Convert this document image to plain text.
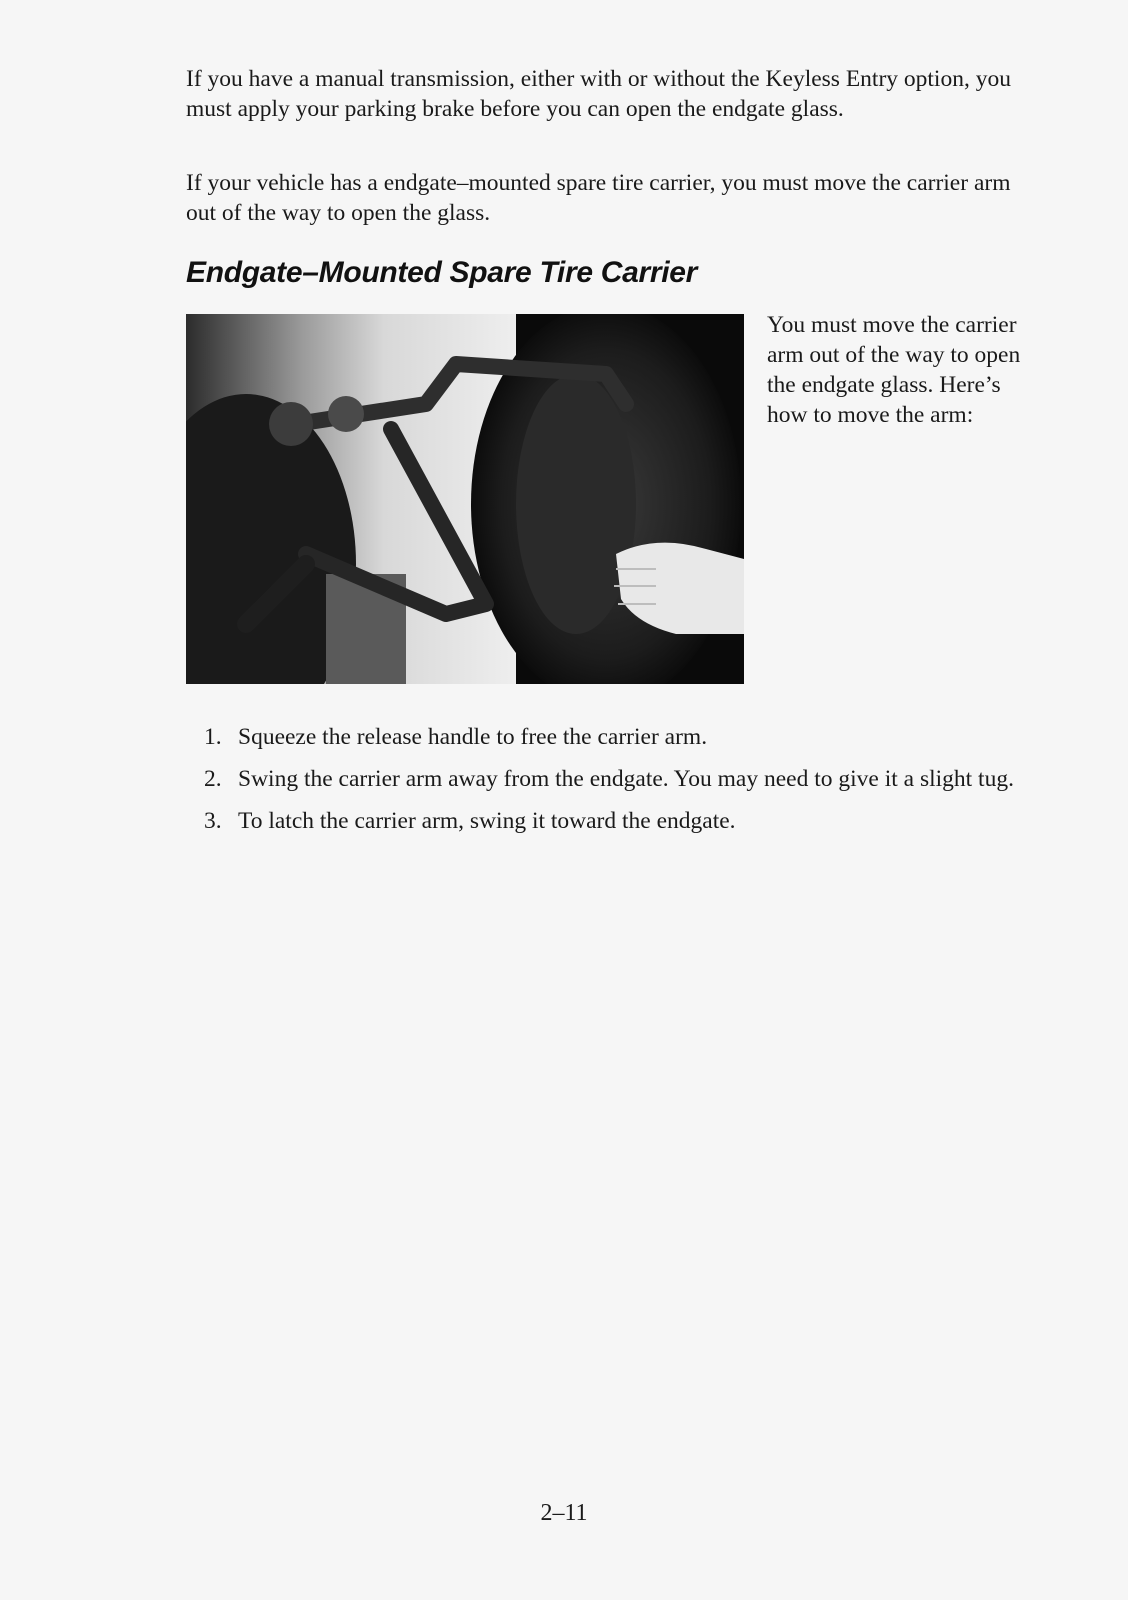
If you have a manual transmission, either with or without the Keyless Entry option, you must apply your parking brake before you can open the endgate glass.

If your vehicle has a endgate–mounted spare tire carrier, you must move the carrier arm out of the way to open the glass.

Endgate–Mounted Spare Tire Carrier

You must move the carrier arm out of the way to open the endgate glass. Here’s how to move the arm:

1. Squeeze the release handle to free the carrier arm.
2. Swing the carrier arm away from the endgate. You may need to give it a slight tug.
3. To latch the carrier arm, swing it toward the endgate.
2–11
